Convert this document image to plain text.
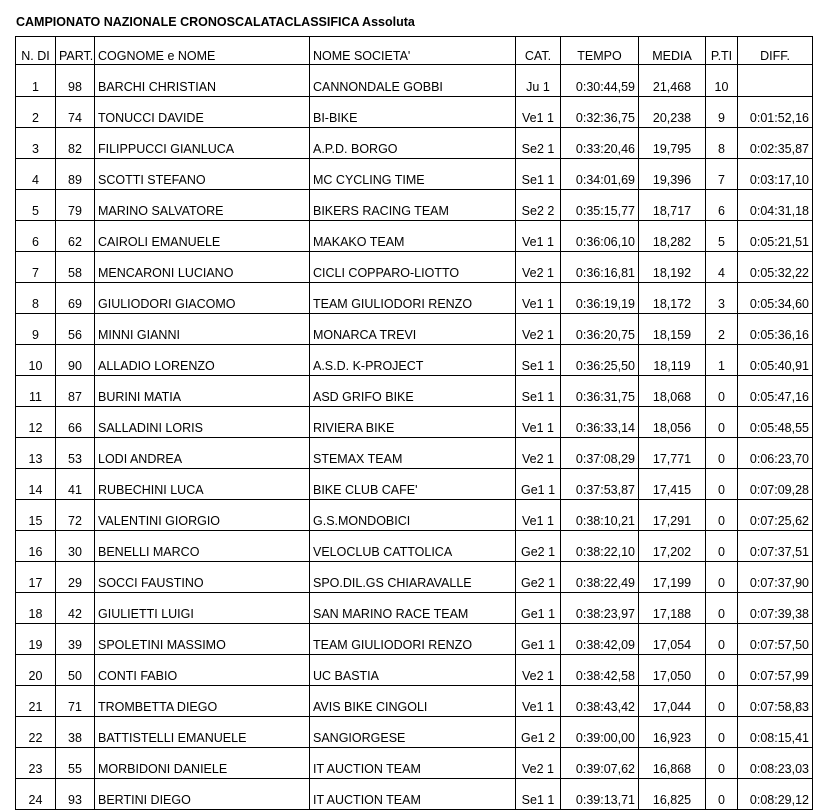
CAMPIONATO NAZIONALE CRONOSCALATACLASSIFICA Assoluta
N. DI	PART.	COGNOME e NOME	NOME SOCIETA'	CAT.	TEMPO	MEDIA	P.TI	DIFF.
1	98	BARCHI CHRISTIAN	CANNONDALE GOBBI	Ju 1	0:30:44,59	21,468	10	
2	74	TONUCCI DAVIDE	BI-BIKE	Ve1 1	0:32:36,75	20,238	9	0:01:52,16
3	82	FILIPPUCCI GIANLUCA	A.P.D. BORGO	Se2 1	0:33:20,46	19,795	8	0:02:35,87
4	89	SCOTTI STEFANO	MC CYCLING TIME	Se1 1	0:34:01,69	19,396	7	0:03:17,10
5	79	MARINO SALVATORE	BIKERS RACING TEAM	Se2 2	0:35:15,77	18,717	6	0:04:31,18
6	62	CAIROLI EMANUELE	MAKAKO TEAM	Ve1 1	0:36:06,10	18,282	5	0:05:21,51
7	58	MENCARONI LUCIANO	CICLI COPPARO-LIOTTO	Ve2 1	0:36:16,81	18,192	4	0:05:32,22
8	69	GIULIODORI GIACOMO	TEAM GIULIODORI RENZO	Ve1 1	0:36:19,19	18,172	3	0:05:34,60
9	56	MINNI GIANNI	MONARCA TREVI	Ve2 1	0:36:20,75	18,159	2	0:05:36,16
10	90	ALLADIO LORENZO	A.S.D. K-PROJECT	Se1 1	0:36:25,50	18,119	1	0:05:40,91
11	87	BURINI MATIA	ASD GRIFO BIKE	Se1 1	0:36:31,75	18,068	0	0:05:47,16
12	66	SALLADINI LORIS	RIVIERA BIKE	Ve1 1	0:36:33,14	18,056	0	0:05:48,55
13	53	LODI ANDREA	STEMAX TEAM	Ve2 1	0:37:08,29	17,771	0	0:06:23,70
14	41	RUBECHINI LUCA	BIKE CLUB CAFE'	Ge1 1	0:37:53,87	17,415	0	0:07:09,28
15	72	VALENTINI GIORGIO	G.S.MONDOBICI	Ve1 1	0:38:10,21	17,291	0	0:07:25,62
16	30	BENELLI MARCO	VELOCLUB CATTOLICA	Ge2 1	0:38:22,10	17,202	0	0:07:37,51
17	29	SOCCI FAUSTINO	SPO.DIL.GS CHIARAVALLE	Ge2 1	0:38:22,49	17,199	0	0:07:37,90
18	42	GIULIETTI LUIGI	SAN MARINO RACE TEAM	Ge1 1	0:38:23,97	17,188	0	0:07:39,38
19	39	SPOLETINI MASSIMO	TEAM GIULIODORI RENZO	Ge1 1	0:38:42,09	17,054	0	0:07:57,50
20	50	CONTI FABIO	UC BASTIA	Ve2 1	0:38:42,58	17,050	0	0:07:57,99
21	71	TROMBETTA DIEGO	AVIS BIKE CINGOLI	Ve1 1	0:38:43,42	17,044	0	0:07:58,83
22	38	BATTISTELLI EMANUELE	SANGIORGESE	Ge1 2	0:39:00,00	16,923	0	0:08:15,41
23	55	MORBIDONI DANIELE	IT AUCTION TEAM	Ve2 1	0:39:07,62	16,868	0	0:08:23,03
24	93	BERTINI DIEGO	IT AUCTION TEAM	Se1 1	0:39:13,71	16,825	0	0:08:29,12
